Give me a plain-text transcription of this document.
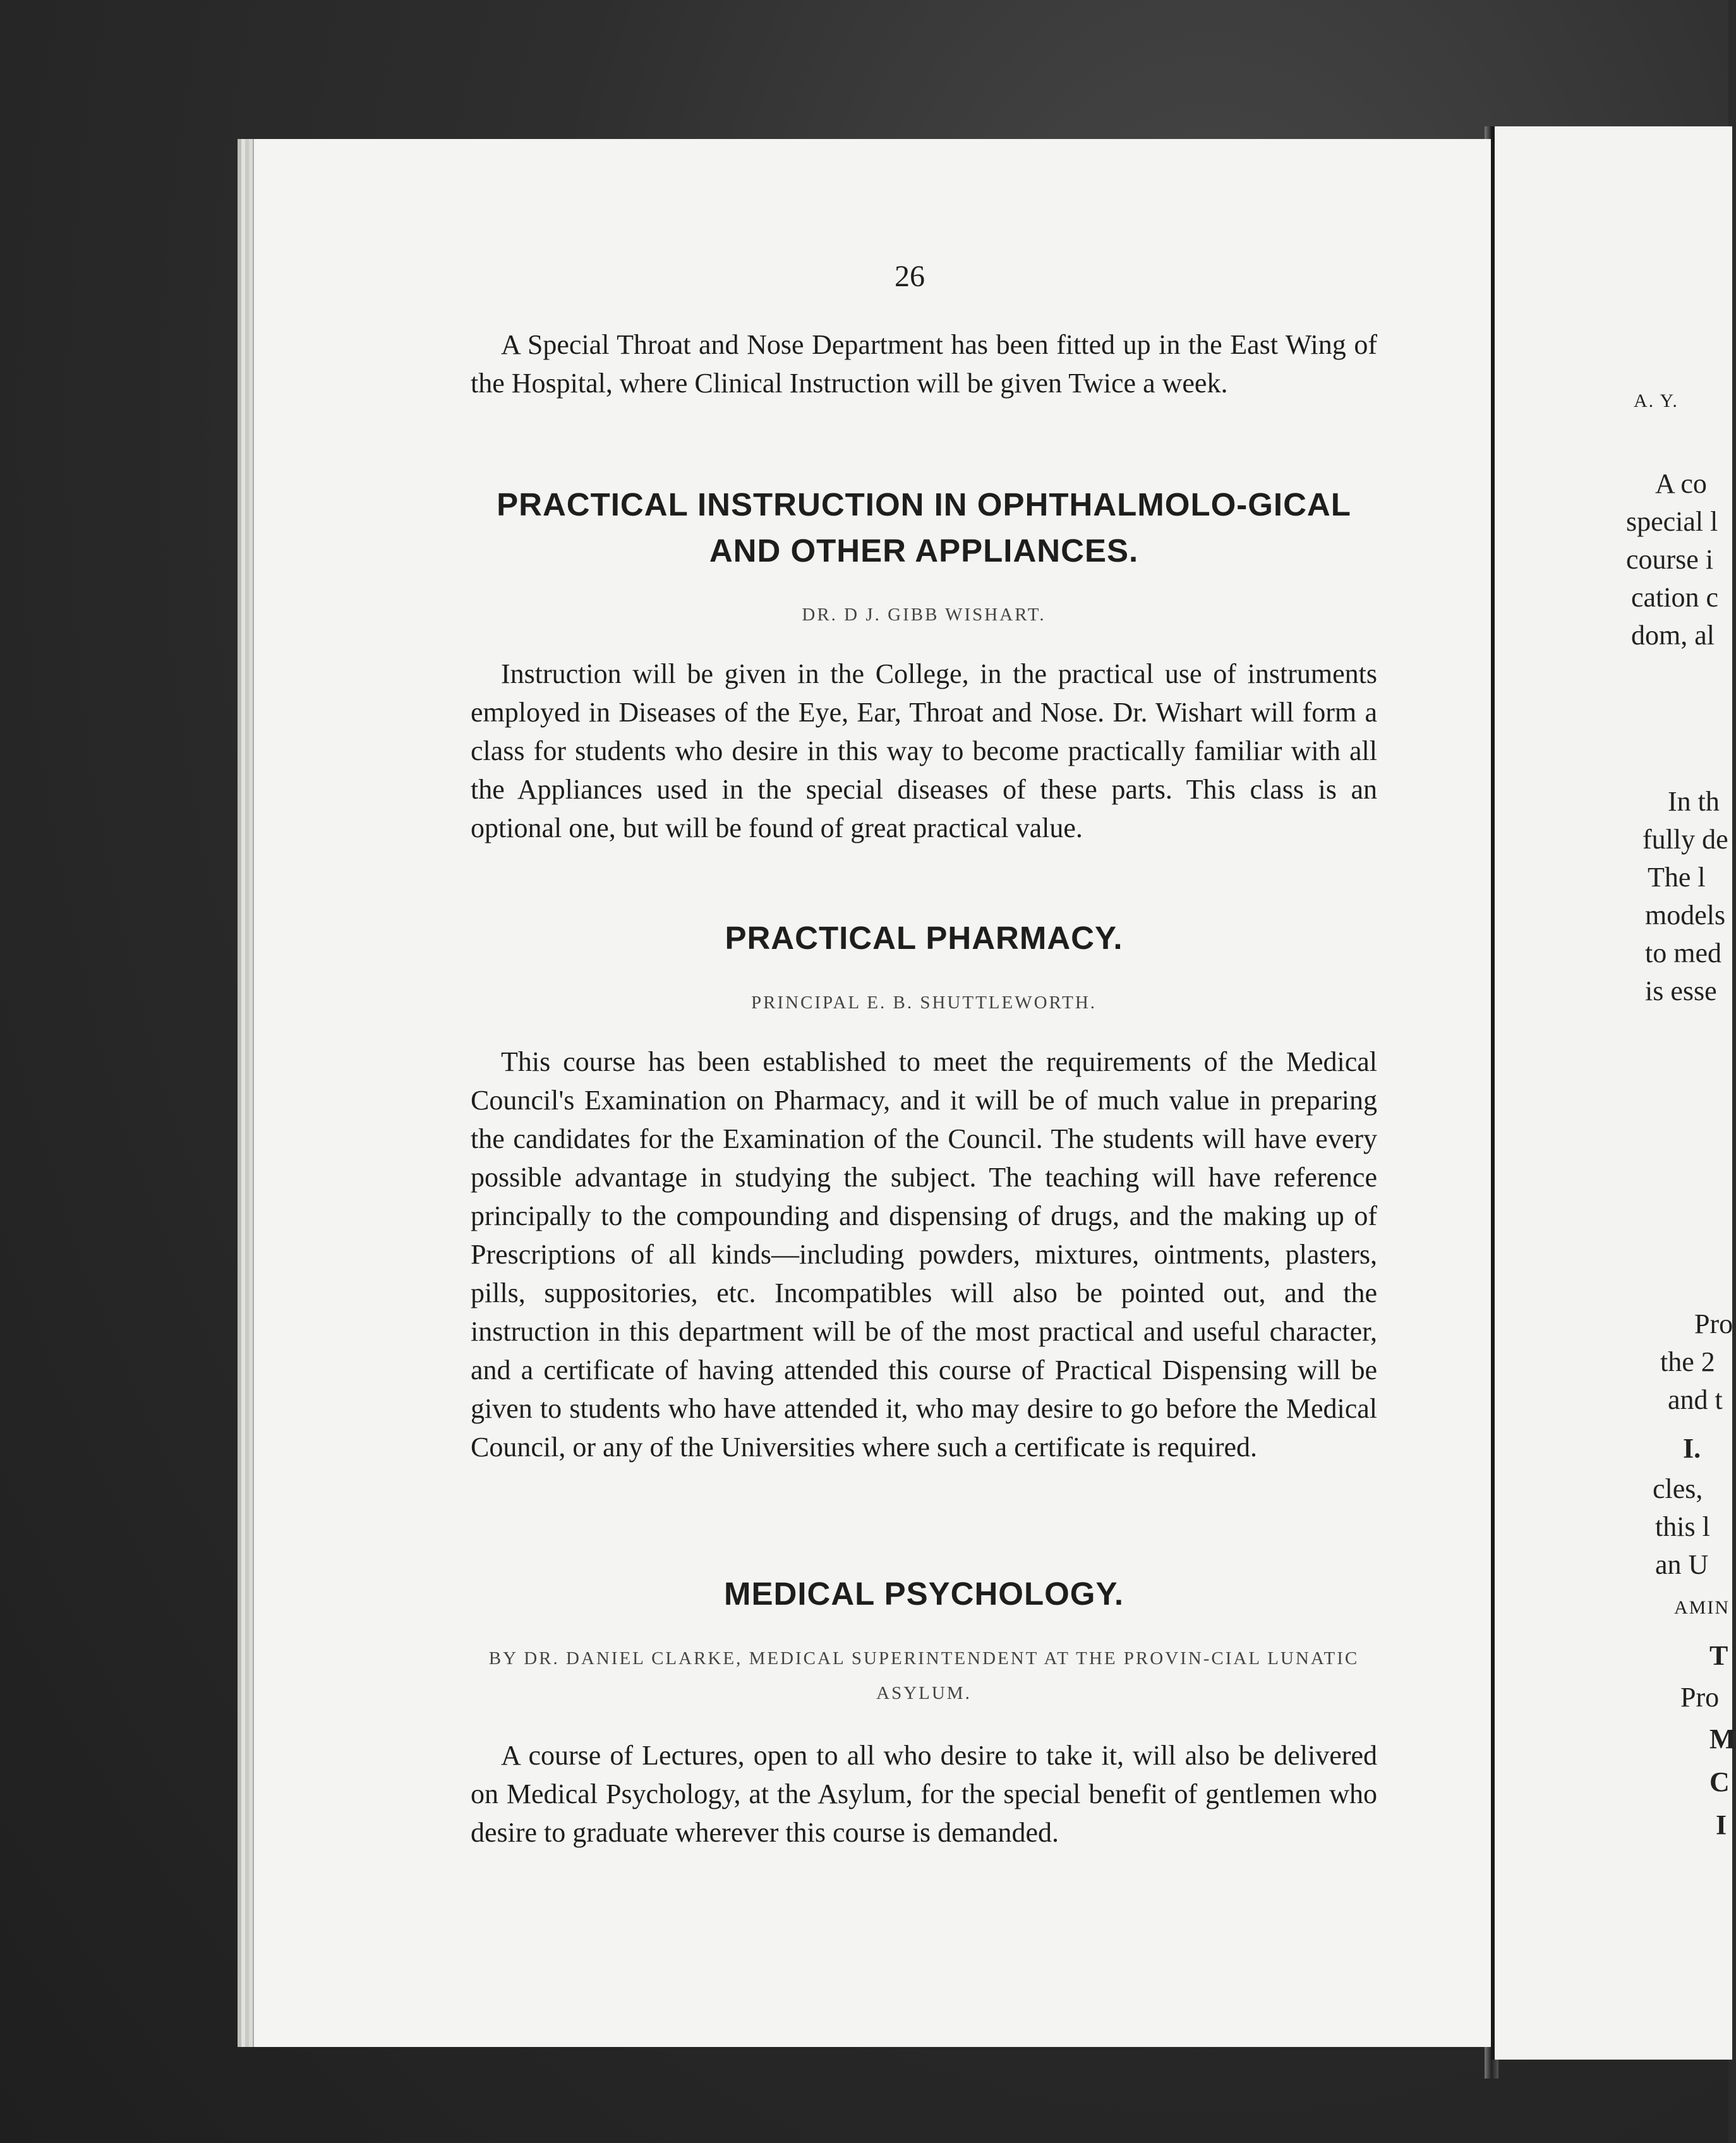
26
A Special Throat and Nose Department has been fitted up in the East Wing of the Hospital, where Clinical Instruction will be given Twice a week.
PRACTICAL INSTRUCTION IN OPHTHALMOLO-GICAL AND OTHER APPLIANCES.
DR. D J. GIBB WISHART.
Instruction will be given in the College, in the practical use of instruments employed in Diseases of the Eye, Ear, Throat and Nose. Dr. Wishart will form a class for students who desire in this way to become practically familiar with all the Appliances used in the special diseases of these parts. This class is an optional one, but will be found of great practical value.
PRACTICAL PHARMACY.
PRINCIPAL E. B. SHUTTLEWORTH.
This course has been established to meet the requirements of the Medical Council's Examination on Pharmacy, and it will be of much value in preparing the candidates for the Examination of the Council. The students will have every possible advantage in studying the subject. The teaching will have reference principally to the compounding and dispensing of drugs, and the making up of Prescriptions of all kinds—including powders, mixtures, ointments, plasters, pills, suppositories, etc. Incompatibles will also be pointed out, and the instruction in this department will be of the most practical and useful character, and a certificate of having attended this course of Practical Dispensing will be given to students who have attended it, who may desire to go before the Medical Council, or any of the Universities where such a certificate is required.
MEDICAL PSYCHOLOGY.
BY DR. DANIEL CLARKE, MEDICAL SUPERINTENDENT AT THE PROVIN-CIAL LUNATIC ASYLUM.
A course of Lectures, open to all who desire to take it, will also be delivered on Medical Psychology, at the Asylum, for the special benefit of gentlemen who desire to graduate wherever this course is demanded.
A. Y.
A co
special l
course i
cation c
dom, al
In th
fully de
The l
models
to med
is esse
Pro
the 2
and t
I.
cles,
this l
an U
AMIN
T
Pro
M
C
I
